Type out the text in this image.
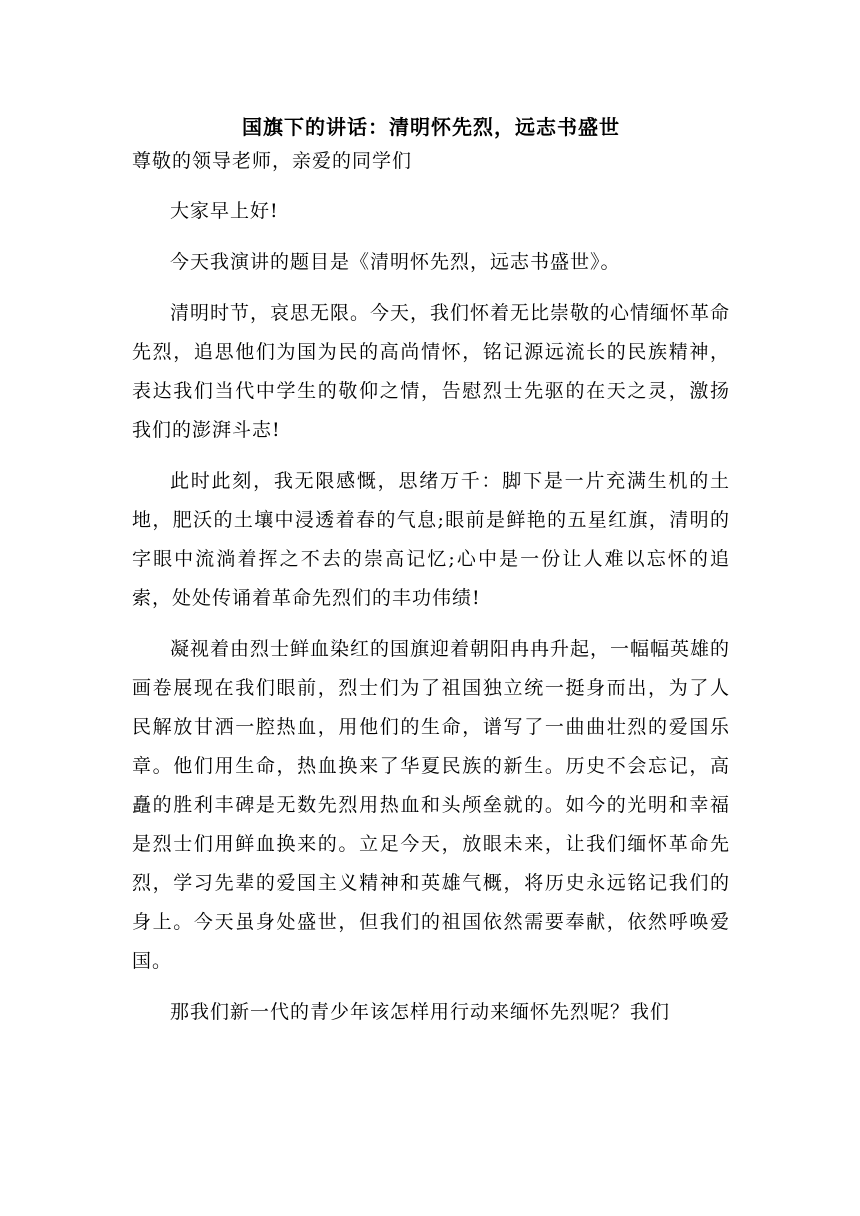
国旗下的讲话：清明怀先烈，远志书盛世
尊敬的领导老师，亲爱的同学们

大家早上好!

今天我演讲的题目是《清明怀先烈，远志书盛世》。

清明时节，哀思无限。今天，我们怀着无比崇敬的心情缅怀革命先烈，追思他们为国为民的高尚情怀，铭记源远流长的民族精神，表达我们当代中学生的敬仰之情，告慰烈士先驱的在天之灵，激扬我们的澎湃斗志!

此时此刻，我无限感慨，思绪万千：脚下是一片充满生机的土地，肥沃的土壤中浸透着春的气息;眼前是鲜艳的五星红旗，清明的字眼中流淌着挥之不去的崇高记忆;心中是一份让人难以忘怀的追索，处处传诵着革命先烈们的丰功伟绩!

凝视着由烈士鲜血染红的国旗迎着朝阳冉冉升起，一幅幅英雄的画卷展现在我们眼前，烈士们为了祖国独立统一挺身而出，为了人民解放甘洒一腔热血，用他们的生命，谱写了一曲曲壮烈的爱国乐章。他们用生命，热血换来了华夏民族的新生。历史不会忘记，高矗的胜利丰碑是无数先烈用热血和头颅垒就的。如今的光明和幸福是烈士们用鲜血换来的。立足今天，放眼未来，让我们缅怀革命先烈，学习先辈的爱国主义精神和英雄气概，将历史永远铭记我们的身上。今天虽身处盛世，但我们的祖国依然需要奉献，依然呼唤爱国。

那我们新一代的青少年该怎样用行动来缅怀先烈呢？我们
